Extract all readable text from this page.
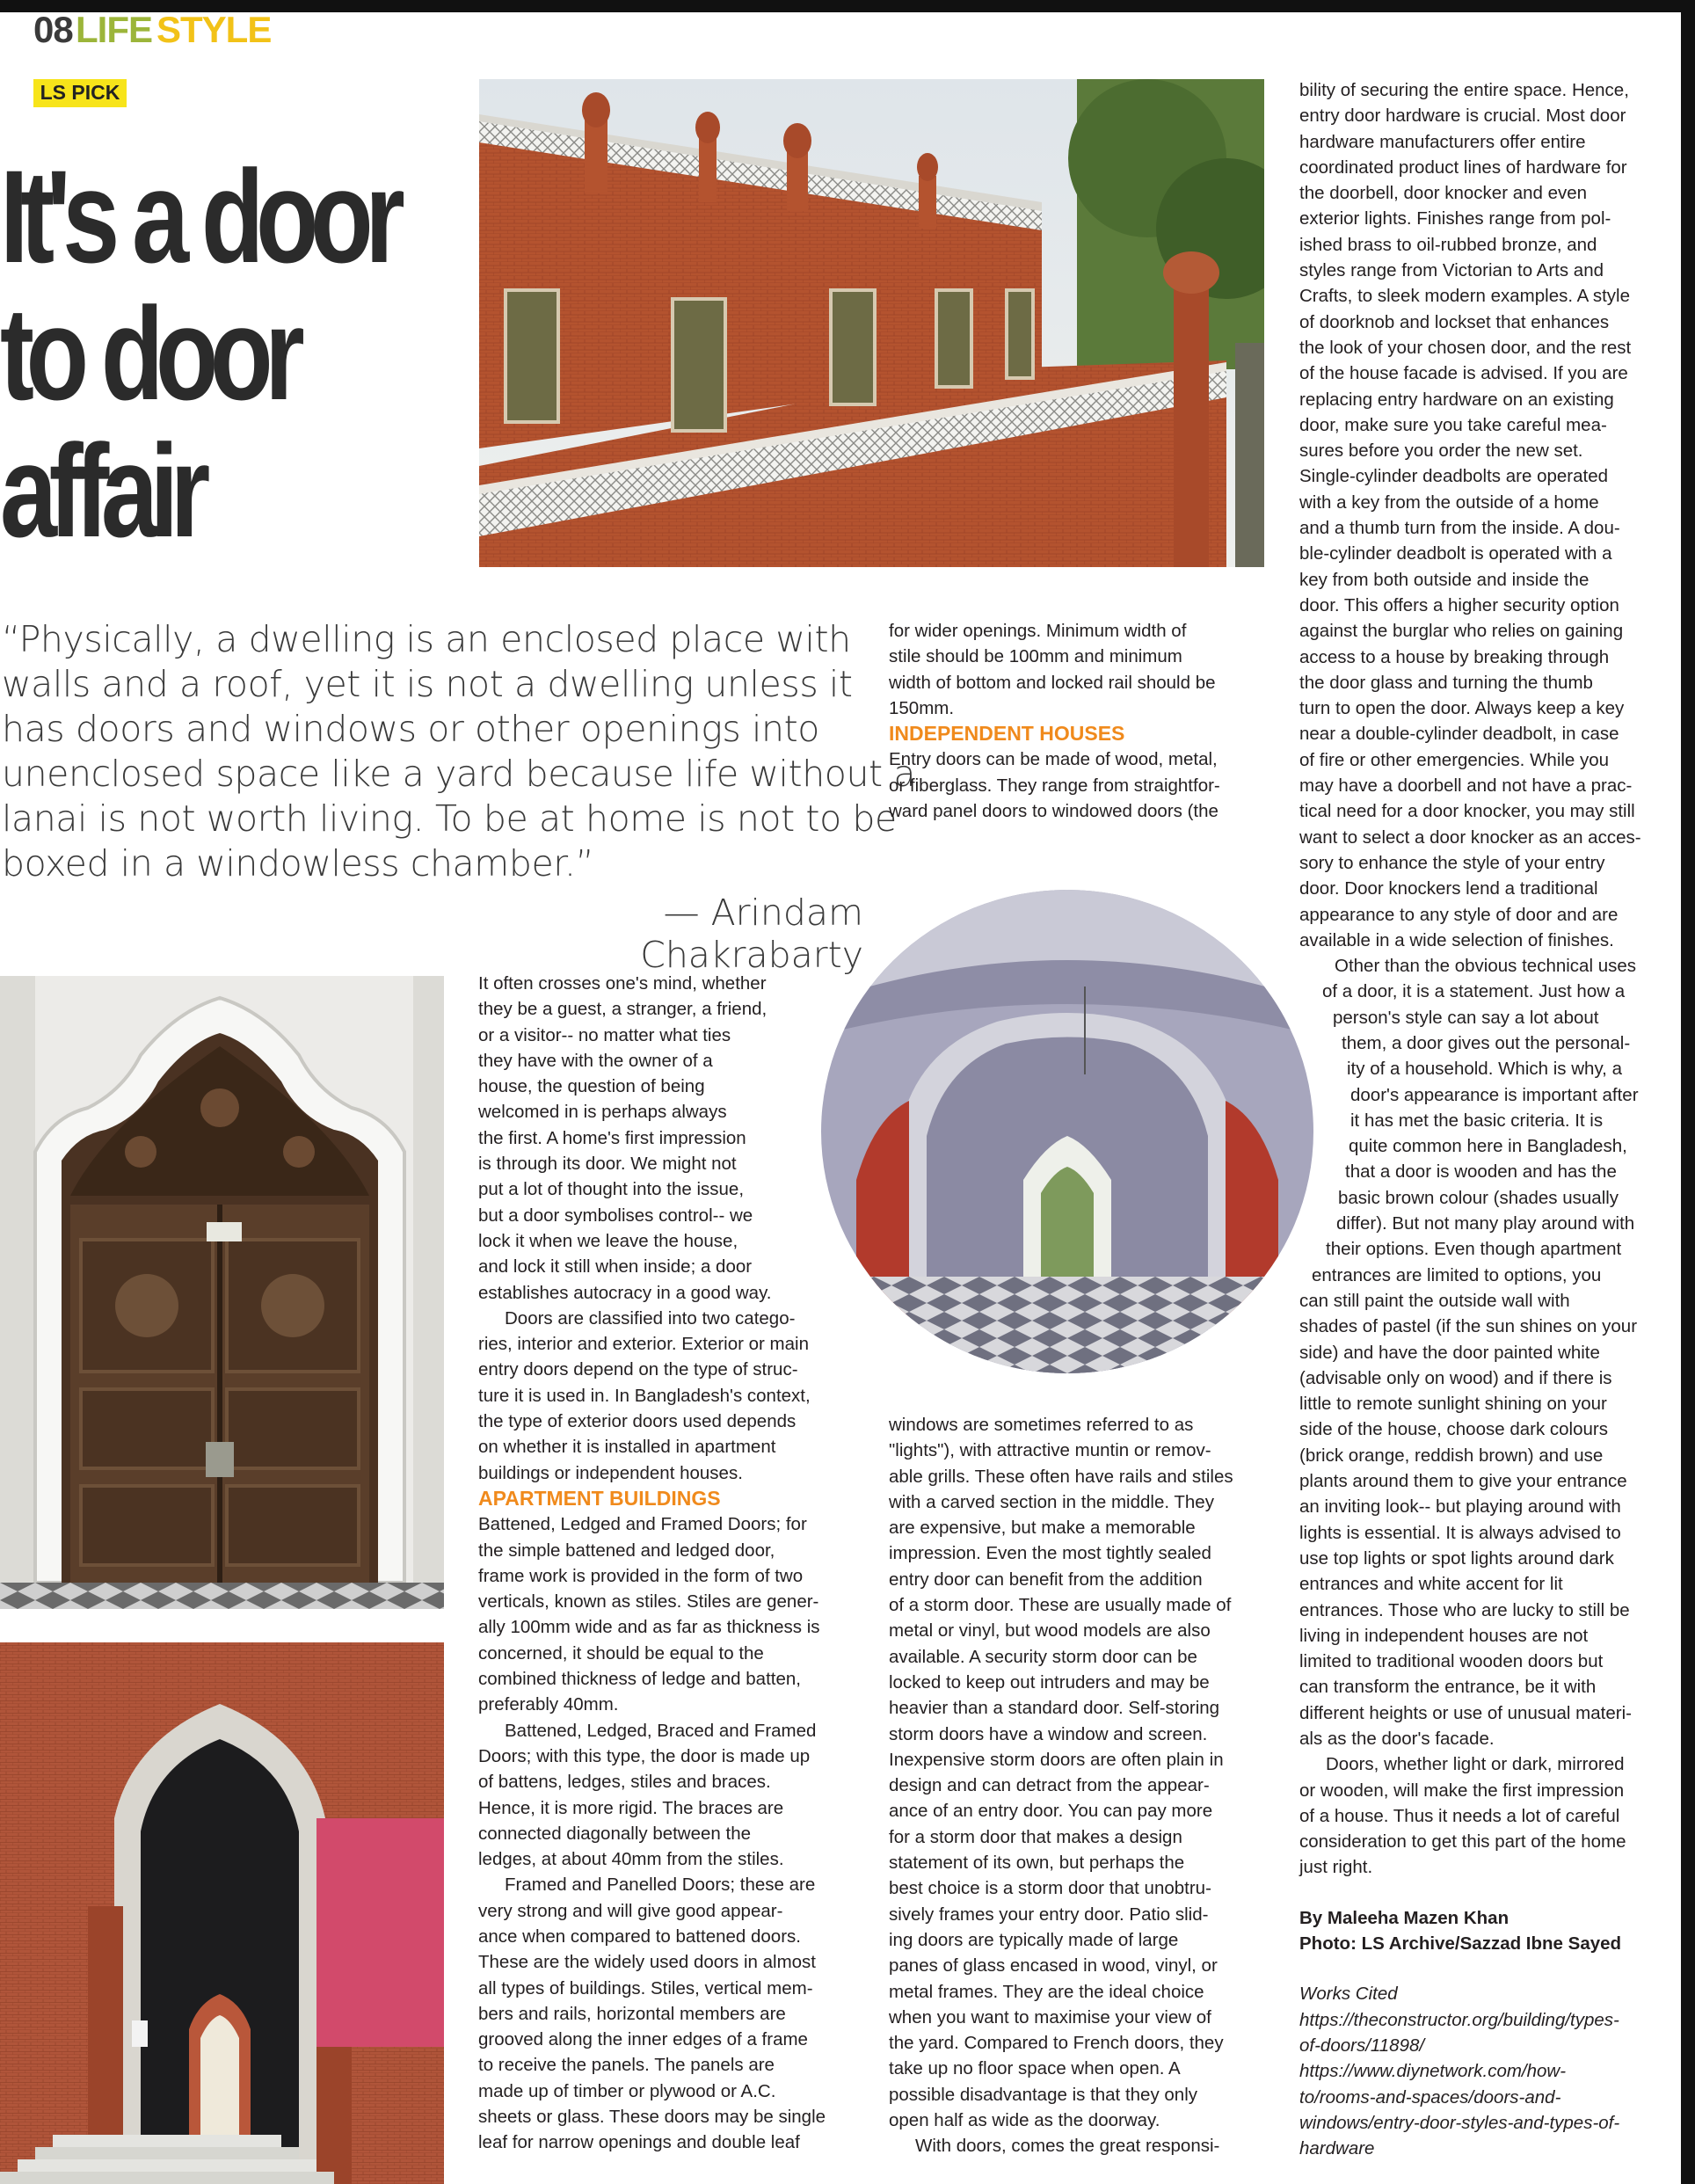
08 LIFE STYLE
LS PICK
It's a door
to door
affair
“Physically, a dwelling is an enclosed place with
walls and a roof, yet it is not a dwelling unless it
has doors and windows or other openings into
unenclosed space like a yard because life without a
lanai is not worth living. To be at home is not to be
boxed in a windowless chamber.”
— Arindam Chakrabarty

It often crosses one's mind, whether
they be a guest, a stranger, a friend,
or a visitor-- no matter what ties
they have with the owner of a
house, the question of being
welcomed in is perhaps always
the first. A home's first impression
is through its door. We might not
put a lot of thought into the issue,
but a door symbolises control-- we
lock it when we leave the house,
and lock it still when inside; a door
establishes autocracy in a good way.

Doors are classified into two catego-
ries, interior and exterior. Exterior or main
entry doors depend on the type of struc-
ture it is used in. In Bangladesh's context,
the type of exterior doors used depends
on whether it is installed in apartment
buildings or independent houses.

APARTMENT BUILDINGS

Battened, Ledged and Framed Doors; for
the simple battened and ledged door,
frame work is provided in the form of two
verticals, known as stiles. Stiles are gener-
ally 100mm wide and as far as thickness is
concerned, it should be equal to the
combined thickness of ledge and batten,
preferably 40mm.

Battened, Ledged, Braced and Framed
Doors; with this type, the door is made up
of battens, ledges, stiles and braces.
Hence, it is more rigid. The braces are
connected diagonally between the
ledges, at about 40mm from the stiles.

Framed and Panelled Doors; these are
very strong and will give good appear-
ance when compared to battened doors.
These are the widely used doors in almost
all types of buildings. Stiles, vertical mem-
bers and rails, horizontal members are
grooved along the inner edges of a frame
to receive the panels. The panels are
made up of timber or plywood or A.C.
sheets or glass. These doors may be single
leaf for narrow openings and double leaf

for wider openings. Minimum width of
stile should be 100mm and minimum
width of bottom and locked rail should be
150mm.

INDEPENDENT HOUSES

Entry doors can be made of wood, metal,
or fiberglass. They range from straightfor-
ward panel doors to windowed doors (the

windows are sometimes referred to as
"lights"), with attractive muntin or remov-
able grills. These often have rails and stiles
with a carved section in the middle. They
are expensive, but make a memorable
impression. Even the most tightly sealed
entry door can benefit from the addition
of a storm door. These are usually made of
metal or vinyl, but wood models are also
available. A security storm door can be
locked to keep out intruders and may be
heavier than a standard door. Self-storing
storm doors have a window and screen.
Inexpensive storm doors are often plain in
design and can detract from the appear-
ance of an entry door. You can pay more
for a storm door that makes a design
statement of its own, but perhaps the
best choice is a storm door that unobtru-
sively frames your entry door. Patio slid-
ing doors are typically made of large
panes of glass encased in wood, vinyl, or
metal frames. They are the ideal choice
when you want to maximise your view of
the yard. Compared to French doors, they
take up no floor space when open. A
possible disadvantage is that they only
open half as wide as the doorway.

With doors, comes the great responsi-

bility of securing the entire space. Hence,
entry door hardware is crucial. Most door
hardware manufacturers offer entire
coordinated product lines of hardware for
the doorbell, door knocker and even
exterior lights. Finishes range from pol-
ished brass to oil-rubbed bronze, and
styles range from Victorian to Arts and
Crafts, to sleek modern examples. A style
of doorknob and lockset that enhances
the look of your chosen door, and the rest
of the house facade is advised. If you are
replacing entry hardware on an existing
door, make sure you take careful mea-
sures before you order the new set.
Single-cylinder deadbolts are operated
with a key from the outside of a home
and a thumb turn from the inside. A dou-
ble-cylinder deadbolt is operated with a
key from both outside and inside the
door. This offers a higher security option
against the burglar who relies on gaining
access to a house by breaking through
the door glass and turning the thumb
turn to open the door. Always keep a key
near a double-cylinder deadbolt, in case
of fire or other emergencies. While you
may have a doorbell and not have a prac-
tical need for a door knocker, you may still
want to select a door knocker as an acces-
sory to enhance the style of your entry
door. Door knockers lend a traditional
appearance to any style of door and are
available in a wide selection of finishes.

Other than the obvious technical uses
of a door, it is a statement. Just how a
person's style can say a lot about
them, a door gives out the personal-
ity of a household. Which is why, a
door's appearance is important after
it has met the basic criteria. It is
quite common here in Bangladesh,
that a door is wooden and has the
basic brown colour (shades usually
differ). But not many play around with
their options. Even though apartment
entrances are limited to options, you
can still paint the outside wall with
shades of pastel (if the sun shines on your
side) and have the door painted white
(advisable only on wood) and if there is
little to remote sunlight shining on your
side of the house, choose dark colours
(brick orange, reddish brown) and use
plants around them to give your entrance
an inviting look-- but playing around with
lights is essential. It is always advised to
use top lights or spot lights around dark
entrances and white accent for lit
entrances. Those who are lucky to still be
living in independent houses are not
limited to traditional wooden doors but
can transform the entrance, be it with
different heights or use of unusual materi-
als as the door's facade.

Doors, whether light or dark, mirrored
or wooden, will make the first impression
of a house. Thus it needs a lot of careful
consideration to get this part of the home
just right.

By Maleeha Mazen Khan
Photo: LS Archive/Sazzad Ibne Sayed
Works Cited
https://theconstructor.org/building/types-
of-doors/11898/
https://www.diynetwork.com/how-
to/rooms-and-spaces/doors-and-
windows/entry-door-styles-and-types-of-
hardware
